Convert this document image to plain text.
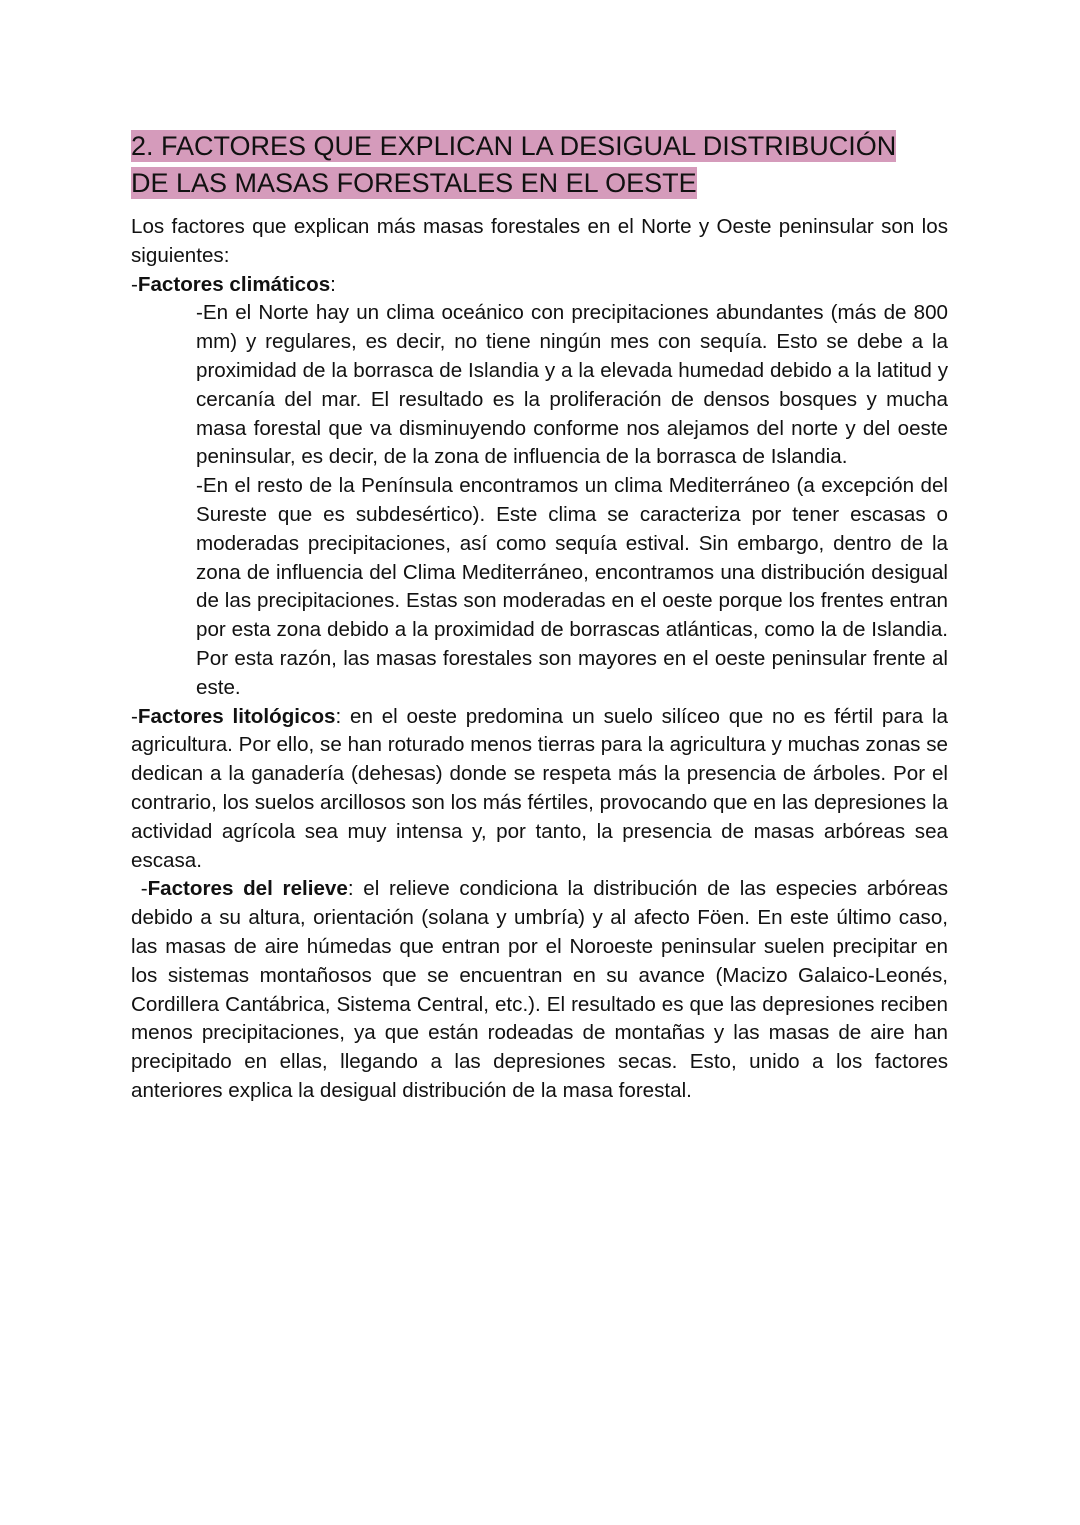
2. FACTORES QUE EXPLICAN LA DESIGUAL DISTRIBUCIÓN
DE LAS MASAS FORESTALES EN EL OESTE

Los factores que explican más masas forestales en el Norte y Oeste peninsular son los siguientes:

-Factores climáticos:

-En el Norte hay un clima oceánico con precipitaciones abundantes (más de 800 mm) y regulares, es decir, no tiene ningún mes con sequía. Esto se debe a la proximidad de la borrasca de Islandia y a la elevada humedad debido a la latitud y cercanía del mar. El resultado es la proliferación de densos bosques y mucha masa forestal que va disminuyendo conforme nos alejamos del norte y del oeste peninsular, es decir, de la zona de influencia de la borrasca de Islandia.

-En el resto de la Península encontramos un clima Mediterráneo (a excepción del Sureste que es subdesértico). Este clima se caracteriza por tener escasas o moderadas precipitaciones, así como sequía estival. Sin embargo, dentro de la zona de influencia del Clima Mediterráneo, encontramos una distribución desigual de las precipitaciones. Estas son moderadas en el oeste porque los frentes entran por esta zona debido a la proximidad de borrascas atlánticas, como la de Islandia. Por esta razón, las masas forestales son mayores en el oeste peninsular frente al este.

-Factores litológicos: en el oeste predomina un suelo silíceo que no es fértil para la agricultura. Por ello, se han roturado menos tierras para la agricultura y muchas zonas se dedican a la ganadería (dehesas) donde se respeta más la presencia de árboles. Por el contrario, los suelos arcillosos son los más fértiles, provocando que en las depresiones la actividad agrícola sea muy intensa y, por tanto, la presencia de masas arbóreas sea escasa.

-Factores del relieve: el relieve condiciona la distribución de las especies arbóreas debido a su altura, orientación (solana y umbría) y al afecto Föen. En este último caso, las masas de aire húmedas que entran por el Noroeste peninsular suelen precipitar en los sistemas montañosos que se encuentran en su avance (Macizo Galaico-Leonés, Cordillera Cantábrica, Sistema Central, etc.). El resultado es que las depresiones reciben menos precipitaciones, ya que están rodeadas de montañas y las masas de aire han precipitado en ellas, llegando a las depresiones secas. Esto, unido a los factores anteriores explica la desigual distribución de la masa forestal.
